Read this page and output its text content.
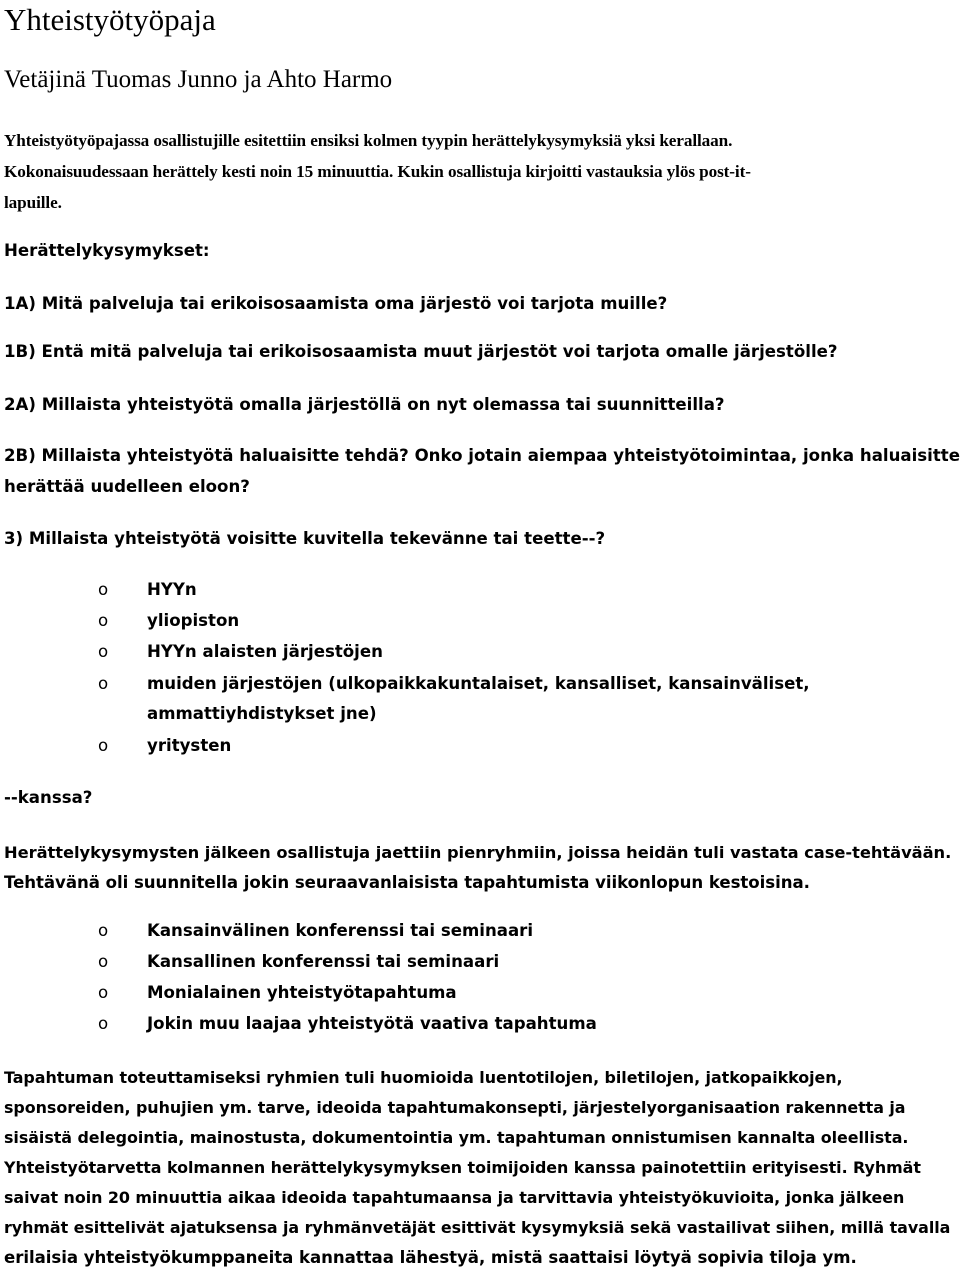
Yhteistyötyöpaja
Vetäjinä Tuomas Junno ja Ahto Harmo
Yhteistyötyöpajassa osallistujille esitettiin ensiksi kolmen tyypin herättelykysymyksiä yksi kerallaan.
Kokonaisuudessaan herättely kesti noin 15 minuuttia. Kukin osallistuja kirjoitti vastauksia ylös post-it-
lapuille.
Herättelykysymykset:
1A) Mitä palveluja tai erikoisosaamista oma järjestö voi tarjota muille?
1B) Entä mitä palveluja tai erikoisosaamista muut järjestöt voi tarjota omalle järjestölle?
2A) Millaista yhteistyötä omalla järjestöllä on nyt olemassa tai suunnitteilla?
2B) Millaista yhteistyötä haluaisitte tehdä? Onko jotain aiempaa yhteistyötoimintaa, jonka haluaisitte
herättää uudelleen eloon?
3) Millaista yhteistyötä voisitte kuvitella tekevänne tai teette--?
o HYYn
o yliopiston
o HYYn alaisten järjestöjen
o muiden järjestöjen (ulkopaikkakuntalaiset, kansalliset, kansainväliset,
ammattiyhdistykset jne)
o yritysten
--kanssa?
Herättelykysymysten jälkeen osallistuja jaettiin pienryhmiin, joissa heidän tuli vastata case-tehtävään.
Tehtävänä oli suunnitella jokin seuraavanlaisista tapahtumista viikonlopun kestoisina.
o Kansainvälinen konferenssi tai seminaari
o Kansallinen konferenssi tai seminaari
o Monialainen yhteistyötapahtuma
o Jokin muu laajaa yhteistyötä vaativa tapahtuma
Tapahtuman toteuttamiseksi ryhmien tuli huomioida luentotilojen, biletilojen, jatkopaikkojen,
sponsoreiden, puhujien ym. tarve, ideoida tapahtumakonsepti, järjestelyorganisaation rakennetta ja
sisäistä delegointia, mainostusta, dokumentointia ym. tapahtuman onnistumisen kannalta oleellista.
Yhteistyötarvetta kolmannen herättelykysymyksen toimijoiden kanssa painotettiin erityisesti. Ryhmät
saivat noin 20 minuuttia aikaa ideoida tapahtumaansa ja tarvittavia yhteistyökuvioita, jonka jälkeen
ryhmät esittelivät ajatuksensa ja ryhmänvetäjät esittivät kysymyksiä sekä vastailivat siihen, millä tavalla
erilaisia yhteistyökumppaneita kannattaa lähestyä, mistä saattaisi löytyä sopivia tiloja ym.
